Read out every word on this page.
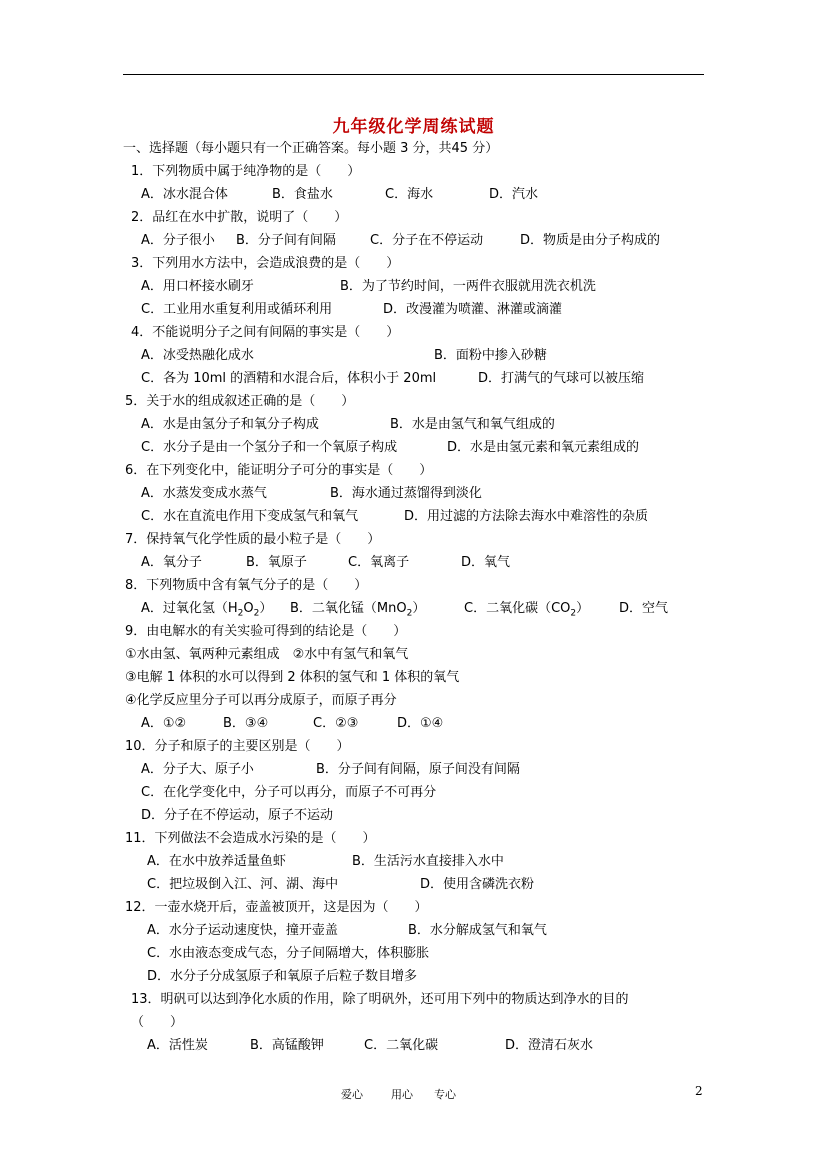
九年级化学周练试题
一、选择题（每小题只有一个正确答案。每小题 3 分，共45 分）
1．下列物质中属于纯净物的是（　　）
A．冰水混合体	B．食盐水	C．海水	D．汽水
2．品红在水中扩散，说明了（　　）
A．分子很小 B．分子间有间隔	C．分子在不停运动	D．物质是由分子构成的
3．下列用水方法中，会造成浪费的是（　　）
A．用口杯接水刷牙	B．为了节约时间，一两件衣服就用洗衣机洗
C．工业用水重复利用或循环利用	D．改漫灌为喷灌、淋灌或滴灌
4．不能说明分子之间有间隔的事实是（　　）
A．冰受热融化成水	B．面粉中掺入砂糖
C．各为 10ml 的酒精和水混合后，体积小于 20ml	D．打满气的气球可以被压缩
5．关于水的组成叙述正确的是（　　）
A．水是由氢分子和氧分子构成	B．水是由氢气和氧气组成的
C．水分子是由一个氢分子和一个氧原子构成	D．水是由氢元素和氧元素组成的
6．在下列变化中，能证明分子可分的事实是（　　）
A．水蒸发变成水蒸气	B．海水通过蒸馏得到淡化
C．水在直流电作用下变成氢气和氧气	D．用过滤的方法除去海水中难溶性的杂质
7．保持氧气化学性质的最小粒子是（　　）
A．氧分子	B．氧原子	C．氧离子	D．氧气
8．下列物质中含有氧气分子的是（　　）
A．过氧化氢$(H_2O_2)$ B．二氧化锰（MnO$_2$）	C．二氧化碳$(CO_2)$ D．空气
9．由电解水的有关实验可得到的结论是（　　）
①水由氢、氧两种元素组成　②水中有氢气和氧气
③电解 1 体积的水可以得到 2 体积的氢气和 1 体积的氧气
④化学反应里分子可以再分成原子，而原子再分
A．①②	B．③④	C．②③	D．①④
10．分子和原子的主要区别是（　　）
A．分子大、原子小	B．分子间有间隔，原子间没有间隔
C．在化学变化中，分子可以再分，而原子不可再分
D．分子在不停运动，原子不运动
11．下列做法不会造成水污染的是（　　）
A．在水中放养适量鱼虾	B．生活污水直接排入水中
C．把垃圾倒入江、河、湖、海中	D．使用含磷洗衣粉
12．一壶水烧开后，壶盖被顶开，这是因为（　　）
A．水分子运动速度快，撞开壶盖	B．水分解成氢气和氧气
C．水由液态变成气态，分子间隔增大，体积膨胀
D．水分子分成氢原子和氧原子后粒子数目增多
13．明矾可以达到净化水质的作用，除了明矾外，还可用下列中的物质达到净水的目的
（　　）
A．活性炭	B．高锰酸钾	C．二氧化碳	D．澄清石灰水
爱心	用心 专心	2
